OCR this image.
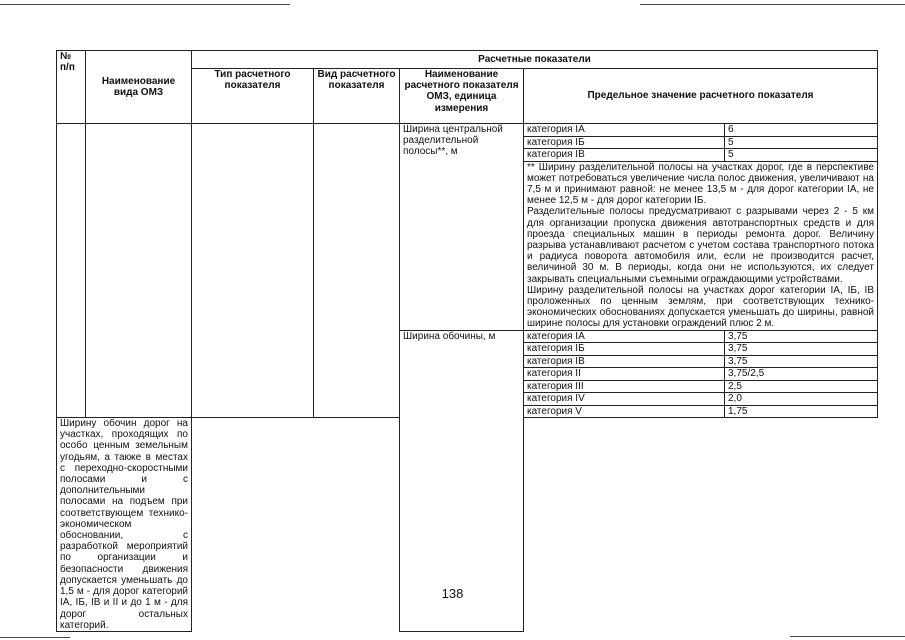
№ п/п	Наименование вида ОМЗ	Расчетные показатели				
		Тип расчетного показателя	Вид расчетного показателя	Наименование расчетного показателя ОМЗ, единица измерения	Предельное значение расчетного показателя	
				Ширина центральной разделительной полосы**, м	категория IА	6
					категория IБ	5
					категория IВ	5

					** Ширину разделительной полосы на участках дорог, где в перспективе может потребоваться увеличение числа полос движения, увеличивают на 7,5 м и принимают равной: не менее 13,5 м - для дорог категории IА, не менее 12,5 м - для дорог категории IБ.

Разделительные полосы предусматривают с разрывами через 2 - 5 км для организации пропуска движения автотранспортных средств и для проезда специальных машин в периоды ремонта дорог. Величину разрыва устанавливают расчетом с учетом состава транспортного потока и радиуса поворота автомобиля или, если не производится расчет, величиной 30 м. В периоды, когда они не используются, их следует закрывать специальными съемными ограждающими устройствами.

Ширину разделительной полосы на участках дорог категории IА, IБ, IВ проложенных по ценным землям, при соответствующих технико-экономических обоснованиях допускается уменьшать до ширины, равной ширине полосы для установки ограждений плюс 2 м.	

				Ширина обочины, м	категория IА	3,75
					категория IБ	3,75
					категория IВ	3,75
					категория II	3,75/2,5
					категория III	2,5
					категория IV	2,0
					категория V	1,75
Ширину обочин дорог на участках, проходящих по особо ценным земельным угодьям, а также в местах с переходно-скоростными полосами и с дополнительными полосами на подъем при соответствующем технико-экономическом обосновании, с разработкой мероприятий по организации и безопасности движения допускается уменьшать до 1,5 м - для дорог категорий IА, IБ, IВ и II и до 1 м - для дорог остальных категорий.						
138
